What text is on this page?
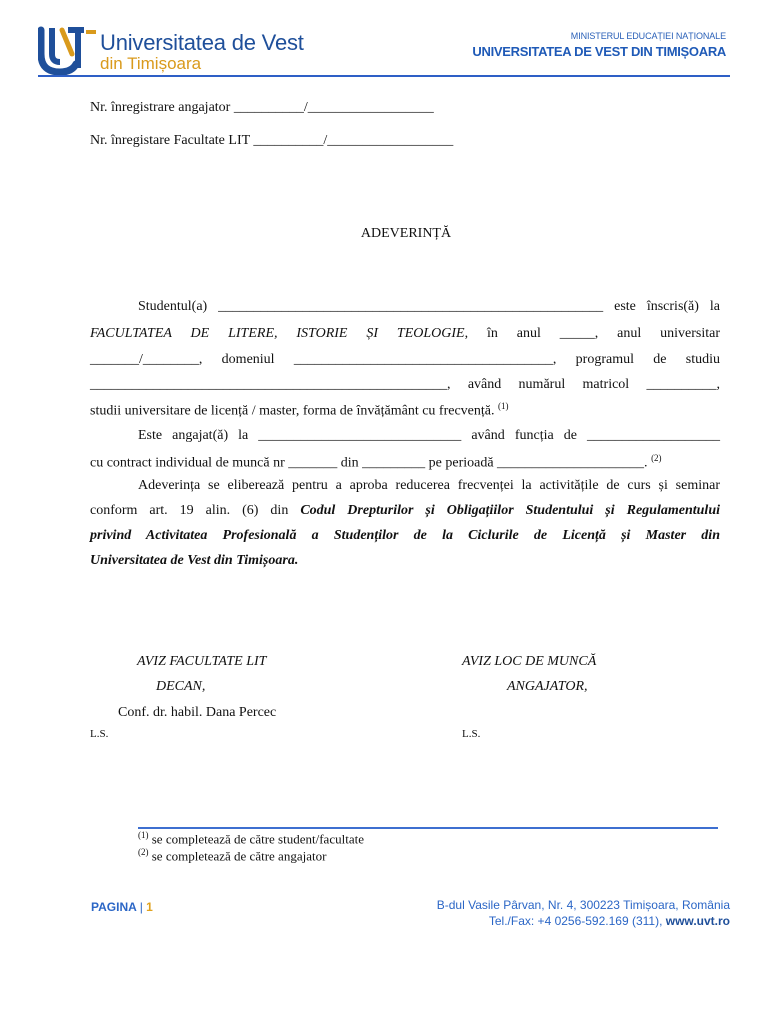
Universitatea de Vest
din Timișoara
MINISTERUL EDUCAȚIEI NAȚIONALE
UNIVERSITATEA DE VEST DIN TIMIȘOARA
Nr. înregistrare angajator __________/__________________
Nr. înregistare Facultate LIT __________/__________________
ADEVERINȚĂ
Studentul(a) _______________________________________________________ este înscris(ă) la
FACULTATEA DE LITERE, ISTORIE ȘI TEOLOGIE, în anul _____, anul universitar
_______/________, domeniul _____________________________________, programul de studiu
___________________________________________________, având numărul matricol __________,
studii universitare de licență / master, forma de învățământ cu frecvență. $^{(1)}$
Este angajat(ă) la _____________________________ având funcția de ___________________
cu contract individual de muncă nr _______ din _________ pe perioadă _____________________. $^{(2)}$
Adeverința se eliberează pentru a aproba reducerea frecvenței la activitățile de curs și seminar
conform art. 19 alin. (6) din Codul Drepturilor și Obligațiilor Studentului și Regulamentului
privind Activitatea Profesională a Studenților de la Ciclurile de Licență și Master din
Universitatea de Vest din Timișoara.
AVIZ FACULTATE LIT
DECAN,
Conf. dr. habil. Dana Percec
L.S.
AVIZ LOC DE MUNCĂ
ANGAJATOR,
L.S.
$^{(1)}$ se completează de către student/facultate
$^{(2)}$ se completează de către angajator
PAGINA | 1	B-dul Vasile Pârvan, Nr. 4, 300223 Timișoara, România
Tel./Fax: +4 0256-592.169 (311), www.uvt.ro
